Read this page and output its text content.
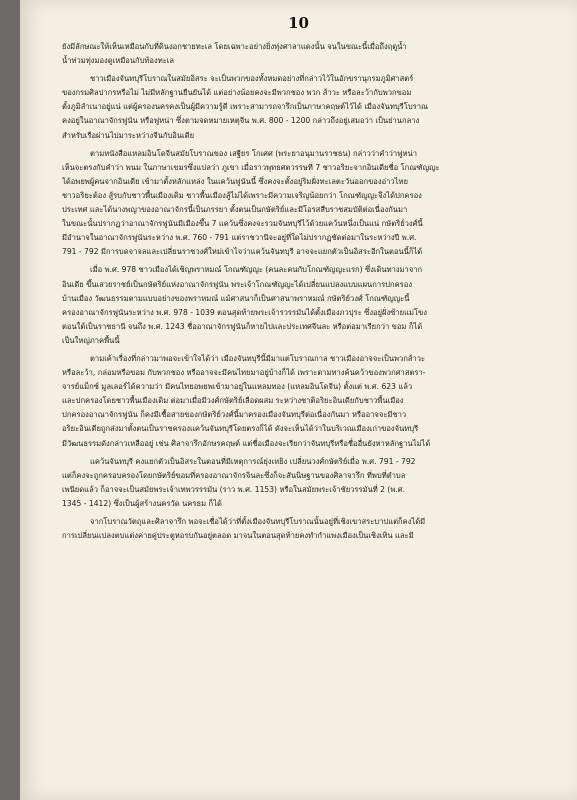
10

ยังมีลักษณะให้เห็นเหมือนกับที่ดินงอกชายทะเล โดยเฉพาะอย่างยิ่งทุ่งศาลาแดงนั้น จนในขณะนี้เมื่อถึงฤดูน้ำ
น้ำท่วมทุ่งมองดูเหมือนกับท้องทะเล

ชาวเมืองจันทบุรีโบราณในสมัยอิสระ จะเป็นพวกของทั้งหมดอย่างที่กล่าวไว้ในอักขรานุกรมภูมิศาสตร์
ของกรมศิลปากรหรือไม่ ไม่มีหลักฐานยืนยันได้ แต่อย่างน้อยคงจะมีพวกชอง พวก ส้าวะ หรือละว้ากับพวกขอม
ตั้งภูมิลำเนาอยู่แน่ แต่ผู้ครองนครคงเป็นผู้มีความรู้ดี เพราะสามารถจารึกเป็นภาษาคฤษต์ไว้ได้ เมืองจันทบุรีโบราณ
คงอยู่ในอาณาจักรฟูนัน หรือฟูหน่า ซึ่งตามจดหมายเหตุจีน พ.ศ. 800 - 1200 กล่าวถึงอยู่เสมอว่า เป็นย่านกลาง
สำหรับเรือผ่านไปมาระหว่างจีนกับอินเดีย

ตามหนังสือแหลมอินโดจีนสมัยโบราณของ เสฐียร โกเศศ (พระยาอนุมานราชธน) กล่าวว่าคำว่าฟูหน่า
เห็นจะตรงกับคำว่า พนม ในภาษาเขมรซึ่งแปลว่า ภูเขา เมื่อราวพุทธศตวรรษที่ 7 ชาวอริยะจากอินเดียชื่อ โกณฑัญญะ
ได้อพยพผู้คนจากอินเดีย เข้ามาตั้งหลักแหล่ง ในแคว้นฟูนันนี้ ซึ่งคงจะตั้งอยู่ริมฝั่งทะเลตะวันออกของอ่าวไทย
ชาวอริยะต้อง สู้รบกับชาวพื้นเมืองเดิม ชาวพื้นเมืองสู้ไม่ได้เพราะมีความเจริญน้อยกว่า โกณฑัญญะจึงได้ปกครอง
ประเทศ และได้นางพญาของอาณาจักรนี้เป็นภรรยา ตั้งตนเป็นกษัตริย์และมีโอรสสืบราชสมบัติต่อเนื่องกันมา
ในขณะนั้นปรากฏว่าอาณาจักรฟูนันมีเมืองขึ้น 7 แคว้นซึ่งคงจะรวมจันทบุรีไว้ด้วยแคว้นหนึ่งเป็นแน่ กษัตริย์วงศ์นี้
มีอำนาจในอาณาจักรฟูนันระหว่าง พ.ศ. 760 - 791 แต่ราชวานีจะอยู่ที่ใดไม่ปรากฏชัดต่อมาในระหว่างปี พ.ศ.
791 - 792 มีการบดจาจลและเปลี่ยนราชวงศ์ใหม่เข้าไจว่าแคว้นจันทบุรี อาจจะแยกตัวเป็นอิสระอีกในตอนนี้ก็ได้

เมื่อ พ.ศ. 978 ชาวเมืองได้เชิญพราหมณ์ โกณฑัญญะ (คนละคนกับโกณฑัญญะแรก) ซึ่งเดินทางมาจาก
อินเดีย ขึ้นเสวยราชย์เป็นกษัตริย์แห่งอาณาจักรฟูนัน พระเจ้าโกณฑัญญะได้เปลี่ยนแปลงแบบแผนการปกครอง
บ้านเมือง วัฒนธรรมตามแบบอย่างของพราหมณ์ แม้ศาสนาก็เป็นศาสนาพราหมณ์ กษัตริย์วงศ์ โกณฑัญญะนี้
ครองอาณาจักรฟูนันระหว่าง พ.ศ. 978 - 1039 ตอนสุดท้ายพระเจ้ารวรรมันได้ตั้งเมืองภวปุระ ซึ่งอยู่ฝั่งซ้ายแม่โขง
ตอนใต้เป็นราชธานี จนถึง พ.ศ. 1243 ชื่ออาณาจักรฟูนันก็หายไปและประเทศจีนละ หรือต่อมาเรียกว่า ขอม ก็ได้
เป็นใหญ่ภาคพื้นนี้

ตามเค้าเรื่องที่กล่าวมาพอจะเข้าใจได้ว่า เมืองจันทบุรีนี้มีมาแต่โบราณกาล ชาวเมืองอาจจะเป็นพวกส้าวะ
หรือละว้า, กล่อมหรือขอม กับพวกชอง หรืออาจจะมีคนไทยมาอยู่บ้างก็ได้ เพราะตามทางค้นคว้าของพวกศาสตรา-
จารย์แม็กซ์ มูลเลอร์ได้ความว่า มีคนไทยอพยพเข้ามาอยู่ในแหลมทอง (แหลมอินโดจีน) ตั้งแต่ พ.ศ. 623 แล้ว
และปกครองโดยชาวพื้นเมืองเดิม ต่อมาเมื่อมีวงศ์กษัตริย์เลือดผสม ระหว่างชาติอริยะอินเดียกับชาวพื้นเมือง
ปกครองอาณาจักรฟูนัน ก็คงมีเชื้อสายของกษัตริย์วงศ์นี้มาครองเมืองจันทบุรีต่อเนื่องกันมา หรืออาจจะมีชาว
อริยะอินเดียถูกส่งมาตั้งตนเป็นราชครองแคว้นจันทบุรีโดยตรงก็ได้ ดังจะเห็นได้ว่าในบริเวณเมืองเก่าของจันทบุรี
มีวัฒนธรรมดังกล่าวเหลืออยู่ เช่น ศิลาจารึกอักษรคฤษต์ แต่ชื่อเมืองจะเรียกว่าจันทบุรีหรือชื่ออื่นยังหาหลักฐานไม่ได้

แคว้นจันทบุรี คงแยกตัวเป็นอิสระในตอนที่มีเหตุการณ์ยุ่งเหยิง เปลี่ยนวงศ์กษัตริย์เมื่อ พ.ศ. 791 - 792
แต่ก็คงจะถูกครอบครองโดยกษัตริย์ขอมที่ครองอาณาจักรจินละซึ่งก็จะสันนิษฐานของศิลาจารึก ที่พบที่ตำบล
เพนียดแล้ว ก็อาจจะเป็นสมัยพระเจ้าเทพวรรรมัน (ราว พ.ศ. 1153) หรือในสมัยพระเจ้าชัยวรรมันที่ 2 (พ.ศ.
1345 - 1412) ซึ่งเป็นผู้สร้างนครวัด นครธม ก็ได้

จากโบราณวัตถุและศิลาจารึก พอจะเชื่อได้ว่าที่ตั้งเมืองจันทบุรีโบราณนั้นอยู่ที่เชิงเขาสระบาปแต่ก็คงได้มี
การเปลี่ยนแปลงตบแต่งค่ายคู่ประตูหอรบกันอยู่ตลอด มาจนในตอนสุดท้ายคงทำกำแพงเมืองเป็นเชิงเทิน และมี
